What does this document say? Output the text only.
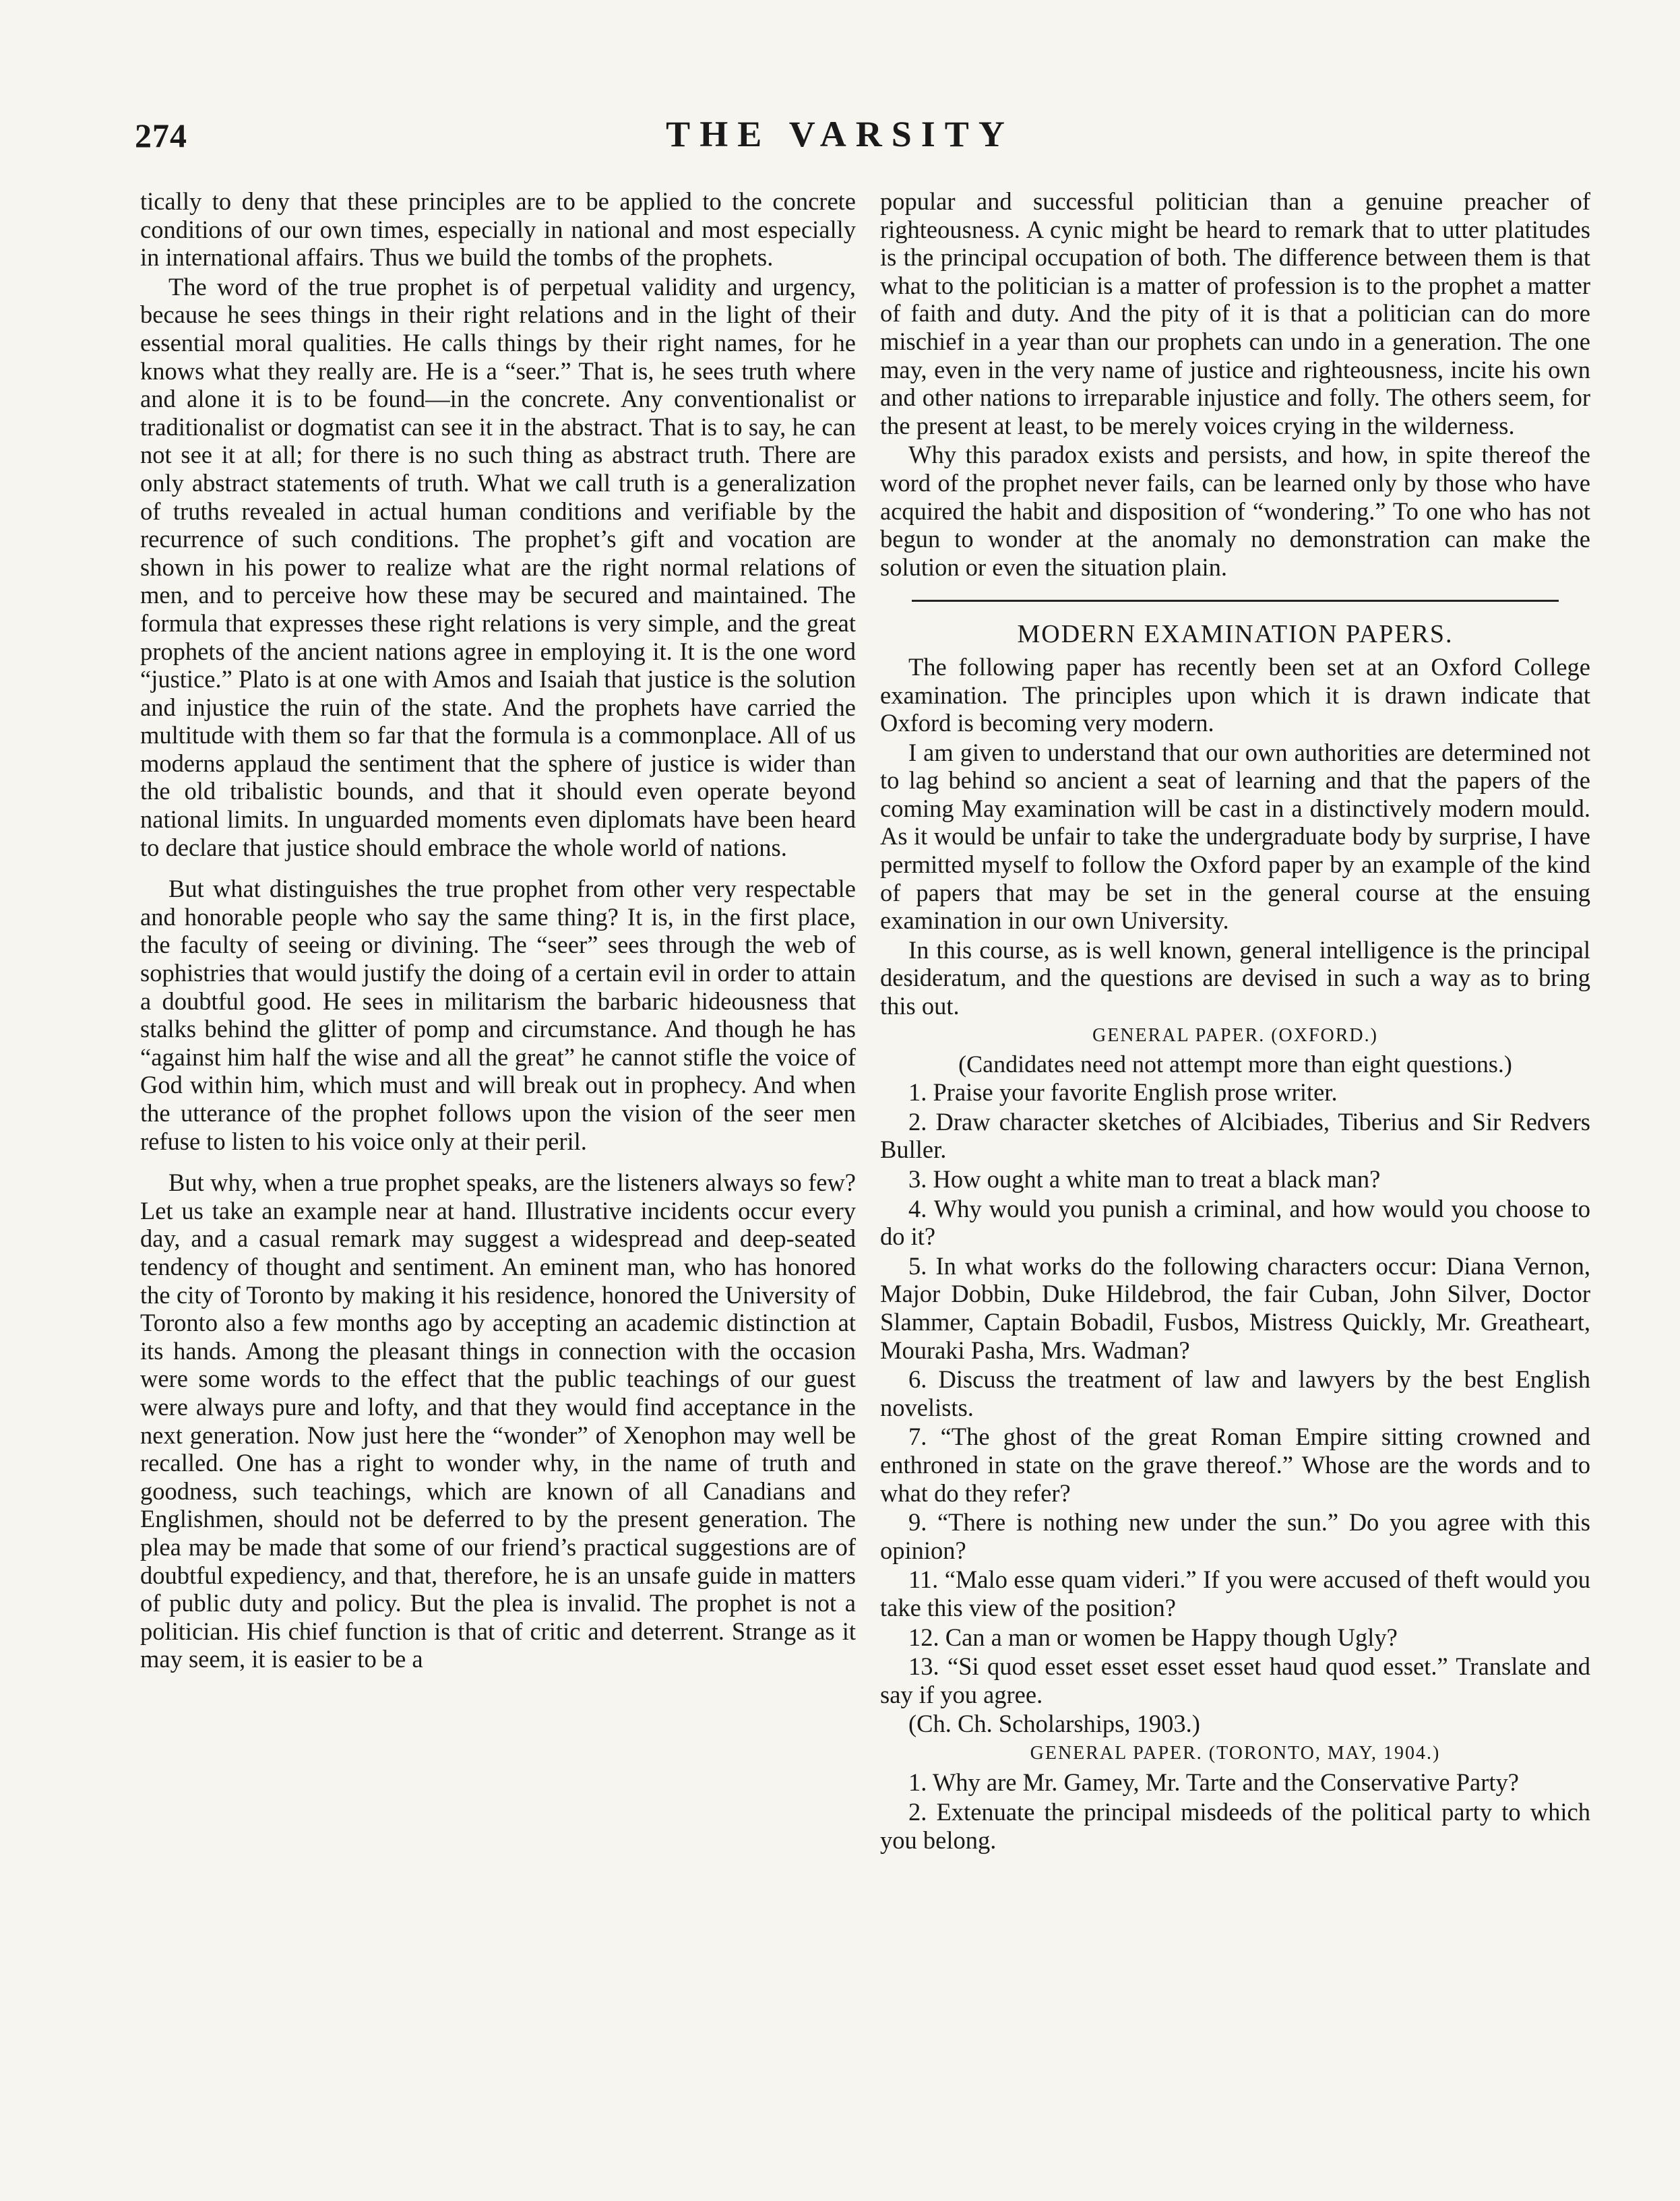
274	THE VARSITY

tically to deny that these principles are to be applied to the concrete conditions of our own times, especially in national and most especially in international affairs. Thus we build the tombs of the prophets.

The word of the true prophet is of perpetual validity and urgency, because he sees things in their right relations and in the light of their essential moral qualities. He calls things by their right names, for he knows what they really are. He is a “seer.” That is, he sees truth where and alone it is to be found—in the concrete. Any conventionalist or traditionalist or dogmatist can see it in the abstract. That is to say, he can not see it at all; for there is no such thing as abstract truth. There are only abstract statements of truth. What we call truth is a generalization of truths revealed in actual human conditions and verifiable by the recurrence of such conditions. The prophet’s gift and vocation are shown in his power to realize what are the right normal relations of men, and to perceive how these may be secured and maintained. The formula that expresses these right relations is very simple, and the great prophets of the ancient nations agree in employing it. It is the one word “justice.” Plato is at one with Amos and Isaiah that justice is the solution and injustice the ruin of the state. And the prophets have carried the multitude with them so far that the formula is a commonplace. All of us moderns applaud the sentiment that the sphere of justice is wider than the old tribalistic bounds, and that it should even operate beyond national limits. In unguarded moments even diplomats have been heard to declare that justice should embrace the whole world of nations.

But what distinguishes the true prophet from other very respectable and honorable people who say the same thing? It is, in the first place, the faculty of seeing or divining. The “seer” sees through the web of sophistries that would justify the doing of a certain evil in order to attain a doubtful good. He sees in militarism the barbaric hideousness that stalks behind the glitter of pomp and circumstance. And though he has “against him half the wise and all the great” he cannot stifle the voice of God within him, which must and will break out in prophecy. And when the utterance of the prophet follows upon the vision of the seer men refuse to listen to his voice only at their peril.

But why, when a true prophet speaks, are the listeners always so few? Let us take an example near at hand. Illustrative incidents occur every day, and a casual remark may suggest a widespread and deep-seated tendency of thought and sentiment. An eminent man, who has honored the city of Toronto by making it his residence, honored the University of Toronto also a few months ago by accepting an academic distinction at its hands. Among the pleasant things in connection with the occasion were some words to the effect that the public teachings of our guest were always pure and lofty, and that they would find acceptance in the next generation. Now just here the “wonder” of Xenophon may well be recalled. One has a right to wonder why, in the name of truth and goodness, such teachings, which are known of all Canadians and Englishmen, should not be deferred to by the present generation. The plea may be made that some of our friend’s practical suggestions are of doubtful expediency, and that, therefore, he is an unsafe guide in matters of public duty and policy. But the plea is invalid. The prophet is not a politician. His chief function is that of critic and deterrent. Strange as it may seem, it is easier to be a

popular and successful politician than a genuine preacher of righteousness. A cynic might be heard to remark that to utter platitudes is the principal occupation of both. The difference between them is that what to the politician is a matter of profession is to the prophet a matter of faith and duty. And the pity of it is that a politician can do more mischief in a year than our prophets can undo in a generation. The one may, even in the very name of justice and righteousness, incite his own and other nations to irreparable injustice and folly. The others seem, for the present at least, to be merely voices crying in the wilderness.

Why this paradox exists and persists, and how, in spite thereof the word of the prophet never fails, can be learned only by those who have acquired the habit and disposition of “wondering.” To one who has not begun to wonder at the anomaly no demonstration can make the solution or even the situation plain.

MODERN EXAMINATION PAPERS.

The following paper has recently been set at an Oxford College examination. The principles upon which it is drawn indicate that Oxford is becoming very modern.

I am given to understand that our own authorities are determined not to lag behind so ancient a seat of learning and that the papers of the coming May examination will be cast in a distinctively modern mould. As it would be unfair to take the undergraduate body by surprise, I have permitted myself to follow the Oxford paper by an example of the kind of papers that may be set in the general course at the ensuing examination in our own University.

In this course, as is well known, general intelligence is the principal desideratum, and the questions are devised in such a way as to bring this out.

GENERAL PAPER. (OXFORD.)
(Candidates need not attempt more than eight questions.)

1. Praise your favorite English prose writer.

2. Draw character sketches of Alcibiades, Tiberius and Sir Redvers Buller.

3. How ought a white man to treat a black man?

4. Why would you punish a criminal, and how would you choose to do it?

5. In what works do the following characters occur: Diana Vernon, Major Dobbin, Duke Hildebrod, the fair Cuban, John Silver, Doctor Slammer, Captain Bobadil, Fusbos, Mistress Quickly, Mr. Greatheart, Mouraki Pasha, Mrs. Wadman?

6. Discuss the treatment of law and lawyers by the best English novelists.

7. “The ghost of the great Roman Empire sitting crowned and enthroned in state on the grave thereof.” Whose are the words and to what do they refer?

9. “There is nothing new under the sun.” Do you agree with this opinion?

11. “Malo esse quam videri.” If you were accused of theft would you take this view of the position?

12. Can a man or women be Happy though Ugly?

13. “Si quod esset esset esset esset haud quod esset.” Translate and say if you agree.

(Ch. Ch. Scholarships, 1903.)

GENERAL PAPER. (TORONTO, MAY, 1904.)

1. Why are Mr. Gamey, Mr. Tarte and the Conservative Party?

2. Extenuate the principal misdeeds of the political party to which you belong.
